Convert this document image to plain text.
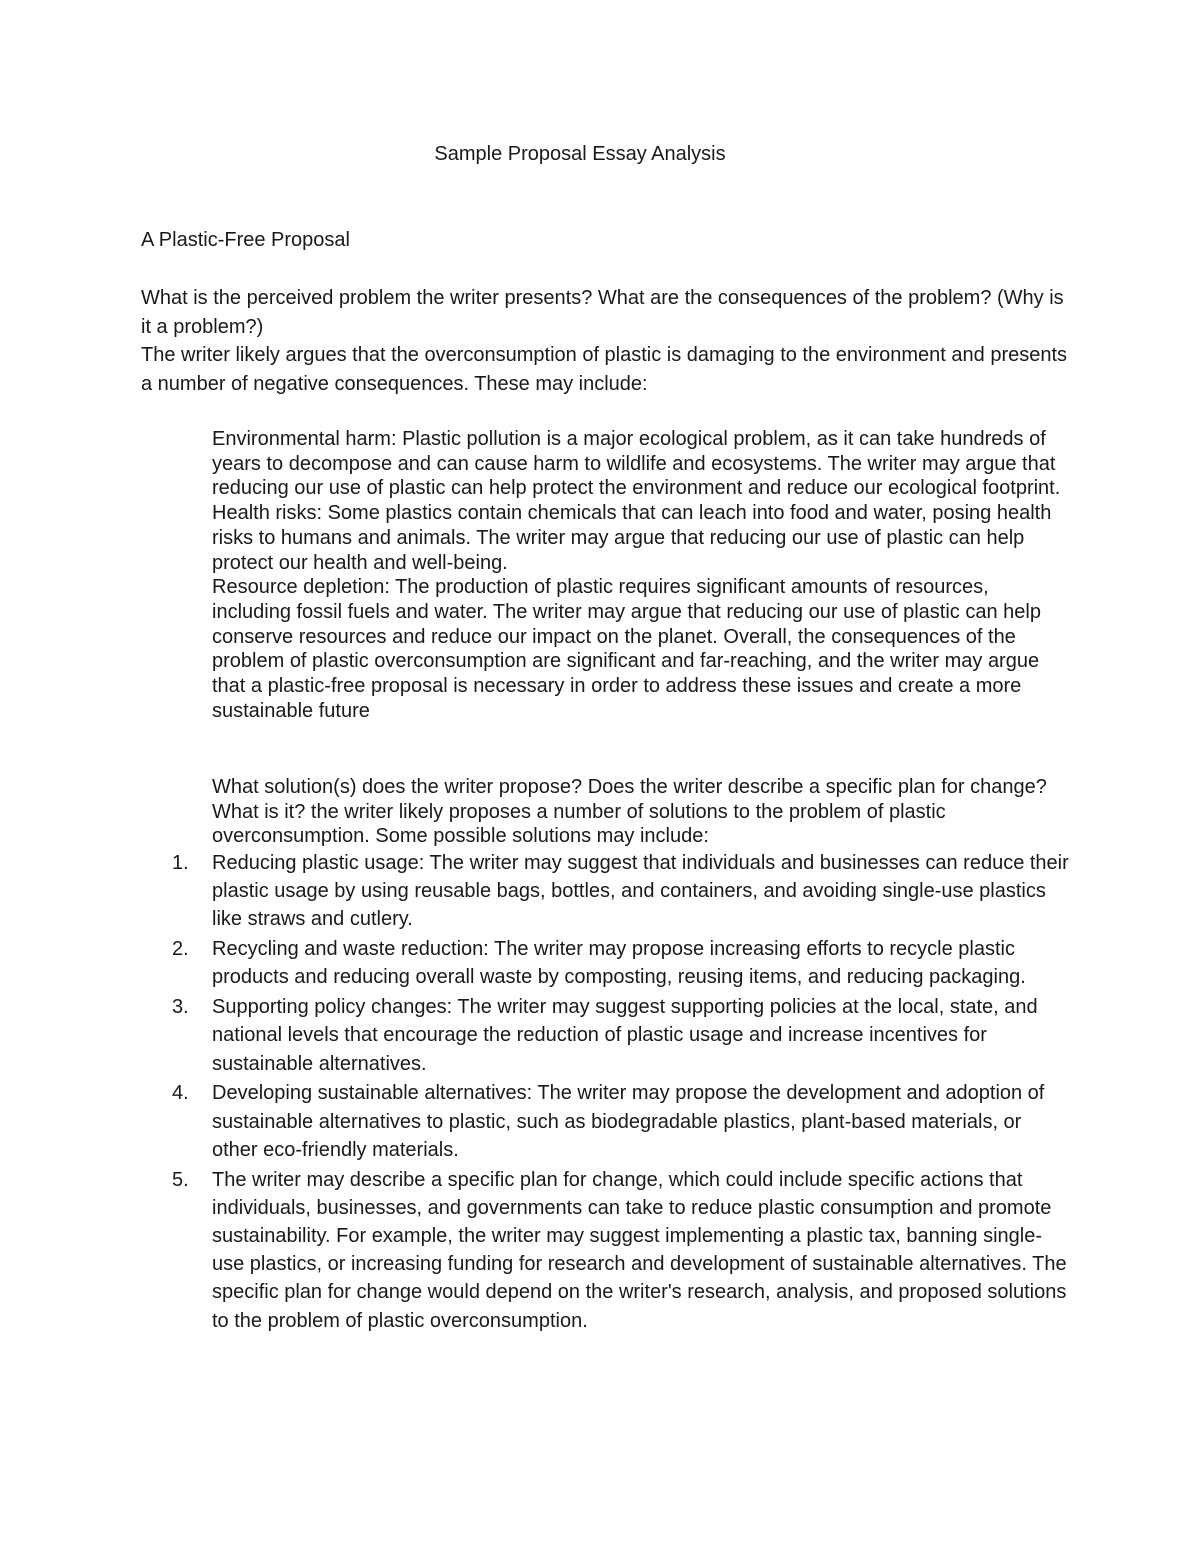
Sample Proposal Essay Analysis
A Plastic-Free Proposal
What is the perceived problem the writer presents? What are the consequences of the problem? (Why is it a problem?)
The writer likely argues that the overconsumption of plastic is damaging to the environment and presents a number of negative consequences. These may include:

Environmental harm: Plastic pollution is a major ecological problem, as it can take hundreds of years to decompose and can cause harm to wildlife and ecosystems. The writer may argue that reducing our use of plastic can help protect the environment and reduce our ecological footprint.

Health risks: Some plastics contain chemicals that can leach into food and water, posing health risks to humans and animals. The writer may argue that reducing our use of plastic can help protect our health and well-being.

Resource depletion: The production of plastic requires significant amounts of resources, including fossil fuels and water. The writer may argue that reducing our use of plastic can help conserve resources and reduce our impact on the planet. Overall, the consequences of the problem of plastic overconsumption are significant and far-reaching, and the writer may argue that a plastic-free proposal is necessary in order to address these issues and create a more sustainable future

What solution(s) does the writer propose? Does the writer describe a specific plan for change? What is it? the writer likely proposes a number of solutions to the problem of plastic overconsumption. Some possible solutions may include:
1. Reducing plastic usage: The writer may suggest that individuals and businesses can reduce their plastic usage by using reusable bags, bottles, and containers, and avoiding single-use plastics like straws and cutlery.
2. Recycling and waste reduction: The writer may propose increasing efforts to recycle plastic products and reducing overall waste by composting, reusing items, and reducing packaging.
3. Supporting policy changes: The writer may suggest supporting policies at the local, state, and national levels that encourage the reduction of plastic usage and increase incentives for sustainable alternatives.
4. Developing sustainable alternatives: The writer may propose the development and adoption of sustainable alternatives to plastic, such as biodegradable plastics, plant-based materials, or other eco-friendly materials.
5. The writer may describe a specific plan for change, which could include specific actions that individuals, businesses, and governments can take to reduce plastic consumption and promote sustainability. For example, the writer may suggest implementing a plastic tax, banning single-use plastics, or increasing funding for research and development of sustainable alternatives. The specific plan for change would depend on the writer's research, analysis, and proposed solutions to the problem of plastic overconsumption.
